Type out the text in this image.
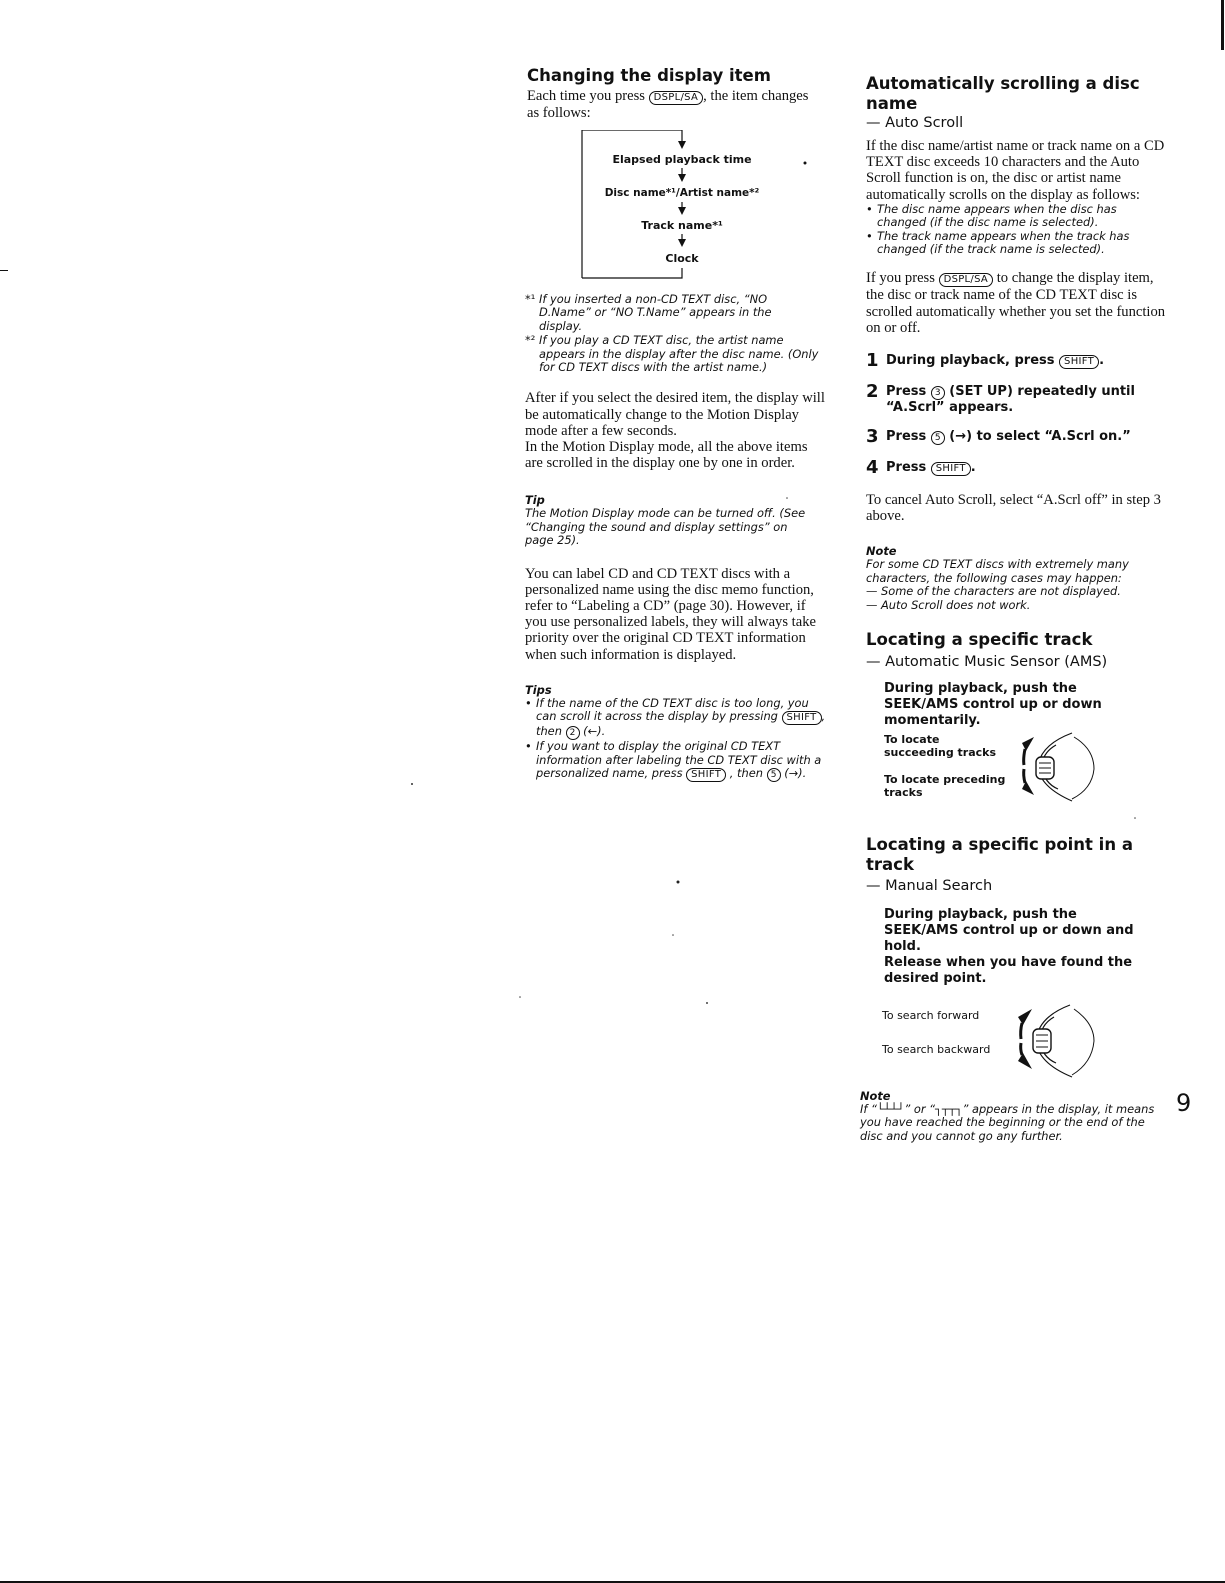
Changing the display item

Each time you press DSPL/SA , the item changes as follows:

Elapsed playback time
Disc name*¹/Artist name*²
Track name*¹
Clock
*¹ If you inserted a non-CD TEXT disc, “NO D.Name” or “NO T.Name” appears in the display.

*² If you play a CD TEXT disc, the artist name appears in the display after the disc name. (Only for CD TEXT discs with the artist name.)

After if you select the desired item, the display will be automatically change to the Motion Display mode after a few seconds.

In the Motion Display mode, all the above items are scrolled in the display one by one in order.

Tip

The Motion Display mode can be turned off. (See “Changing the sound and display settings” on page 25).

You can label CD and CD TEXT discs with a personalized name using the disc memo function, refer to “Labeling a CD” (page 30). However, if you use personalized labels, they will always take priority over the original CD TEXT information when such information is displayed.

Tips

• If the name of the CD TEXT disc is too long, you can scroll it across the display by pressing SHIFT , then 2 (←).
• If you want to display the original CD TEXT information after labeling the CD TEXT disc with a personalized name, press SHIFT , then 5 (→).
Automatically scrolling a disc name

— Auto Scroll

If the disc name/artist name or track name on a CD TEXT disc exceeds 10 characters and the Auto Scroll function is on, the disc or artist name automatically scrolls on the display as follows:

• The disc name appears when the disc has changed (if the disc name is selected).
• The track name appears when the track has changed (if the track name is selected).

If you press DSPL/SA to change the display item, the disc or track name of the CD TEXT disc is scrolled automatically whether you set the function on or off.

1 During playback, press SHIFT .

2 Press 3 (SET UP) repeatedly until “A.Scrl” appears.

3 Press 5 (→) to select “A.Scrl on.”

4 Press SHIFT .

To cancel Auto Scroll, select “A.Scrl off” in step 3 above.

Note

For some CD TEXT discs with extremely many characters, the following cases may happen:

— Some of the characters are not displayed.

— Auto Scroll does not work.

Locating a specific track

— Automatic Music Sensor (AMS)

During playback, push the SEEK/AMS control up or down momentarily.

To locate succeeding tracks

To locate preceding tracks

Locating a specific point in a track

— Manual Search

During playback, push the SEEK/AMS control up or down and hold.

Release when you have found the desired point.

To search forward

To search backward

Note

If “└┴┴┘” or “┐┬┬┐” appears in the display, it means you have reached the beginning or the end of the disc and you cannot go any further.

9
